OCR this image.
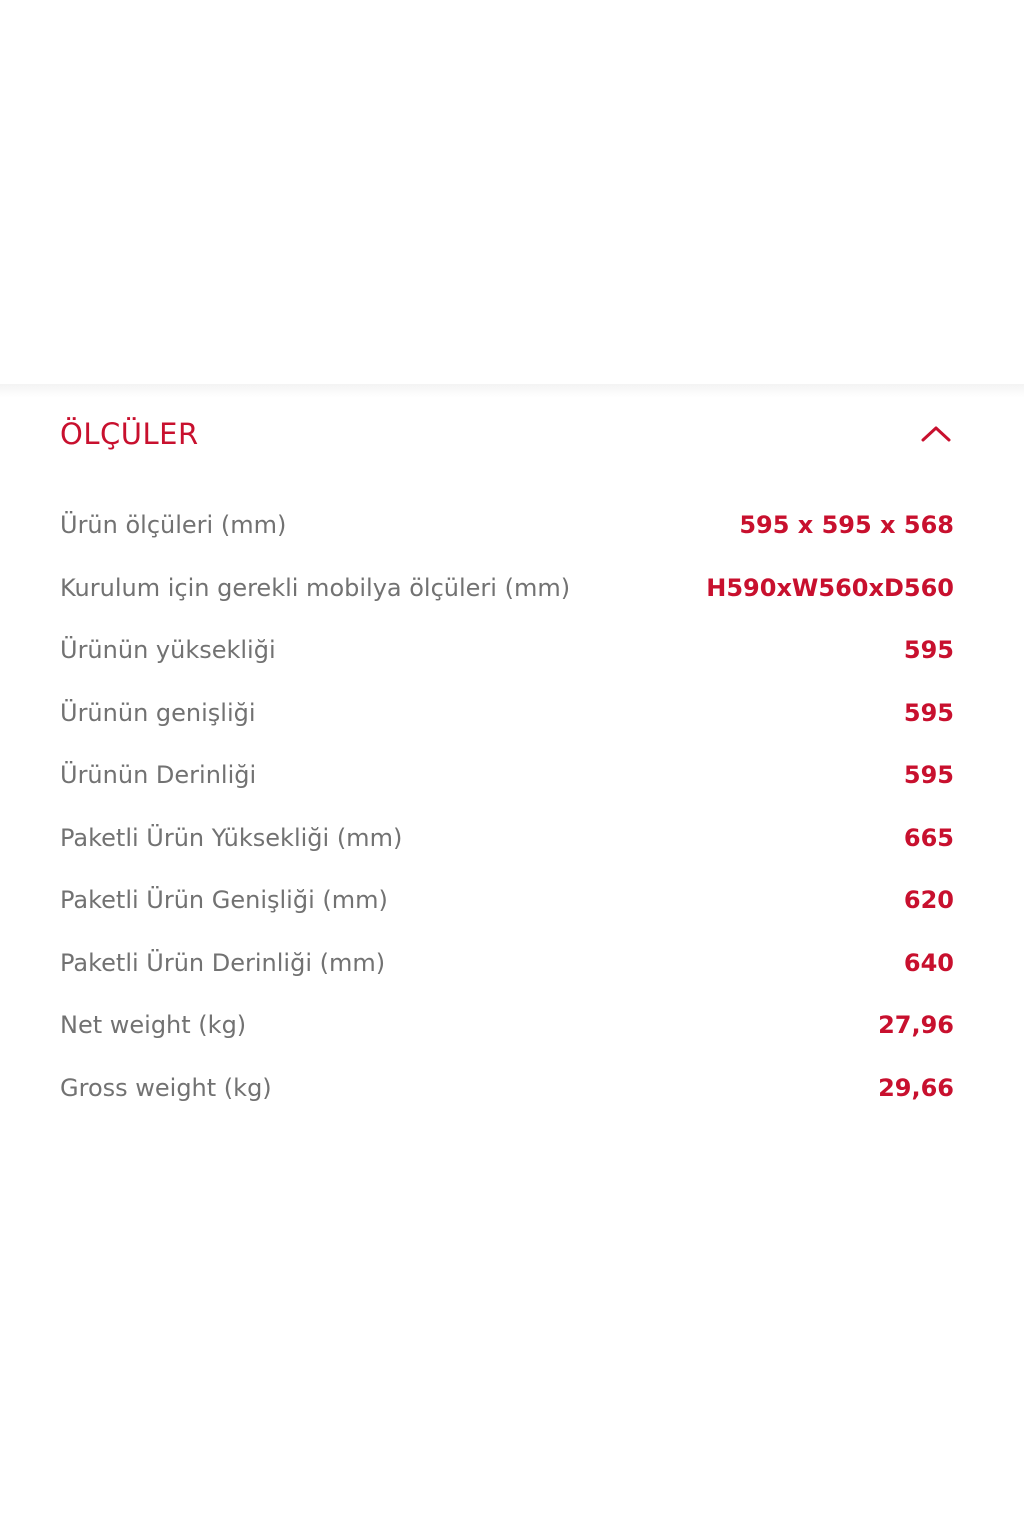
ÖLÇÜLER
Ürün ölçüleri (mm)	595 x 595 x 568
Kurulum için gerekli mobilya ölçüleri (mm)	H590xW560xD560
Ürünün yüksekliği	595
Ürünün genişliği	595
Ürünün Derinliği	595
Paketli Ürün Yüksekliği (mm)	665
Paketli Ürün Genişliği (mm)	620
Paketli Ürün Derinliği (mm)	640
Net weight (kg)	27,96
Gross weight (kg)	29,66
